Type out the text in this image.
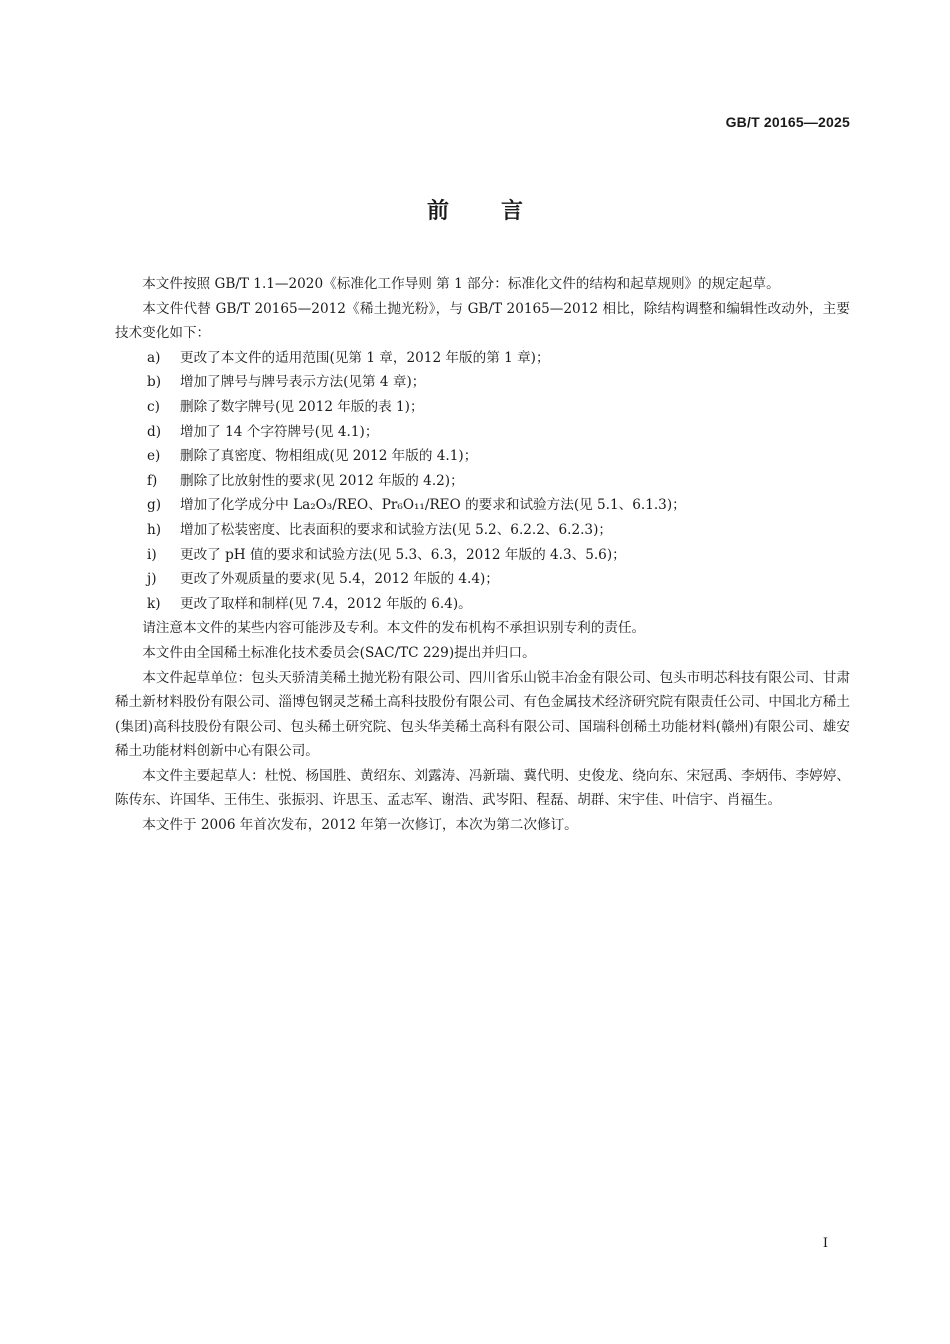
GB/T 20165—2025
前言

本文件按照 GB/T 1.1—2020《标准化工作导则 第 1 部分：标准化文件的结构和起草规则》的规定起草。

本文件代替 GB/T 20165—2012《稀土抛光粉》，与 GB/T 20165—2012 相比，除结构调整和编辑性改动外，主要技术变化如下：

a)	更改了本文件的适用范围(见第 1 章，2012 年版的第 1 章)；
b)	增加了牌号与牌号表示方法(见第 4 章)；
c)	删除了数字牌号(见 2012 年版的表 1)；
d)	增加了 14 个字符牌号(见 4.1)；
e)	删除了真密度、物相组成(见 2012 年版的 4.1)；
f)	删除了比放射性的要求(见 2012 年版的 4.2)；
g)	增加了化学成分中 La₂O₃/REO、Pr₆O₁₁/REO 的要求和试验方法(见 5.1、6.1.3)；
h)	增加了松装密度、比表面积的要求和试验方法(见 5.2、6.2.2、6.2.3)；
i)	更改了 pH 值的要求和试验方法(见 5.3、6.3，2012 年版的 4.3、5.6)；
j)	更改了外观质量的要求(见 5.4，2012 年版的 4.4)；
k)	更改了取样和制样(见 7.4，2012 年版的 6.4)。

请注意本文件的某些内容可能涉及专利。本文件的发布机构不承担识别专利的责任。

本文件由全国稀土标准化技术委员会(SAC/TC 229)提出并归口。

本文件起草单位：包头天骄清美稀土抛光粉有限公司、四川省乐山锐丰冶金有限公司、包头市明芯科技有限公司、甘肃稀土新材料股份有限公司、淄博包钢灵芝稀土高科技股份有限公司、有色金属技术经济研究院有限责任公司、中国北方稀土(集团)高科技股份有限公司、包头稀土研究院、包头华美稀土高科有限公司、国瑞科创稀土功能材料(赣州)有限公司、雄安稀土功能材料创新中心有限公司。

本文件主要起草人：杜悦、杨国胜、黄绍东、刘露涛、冯新瑞、冀代明、史俊龙、绕向东、宋冠禹、李炳伟、李婷婷、陈传东、许国华、王伟生、张振羽、许思玉、孟志军、谢浩、武岑阳、程磊、胡群、宋宇佳、叶信宇、肖福生。

本文件于 2006 年首次发布，2012 年第一次修订，本次为第二次修订。

I
